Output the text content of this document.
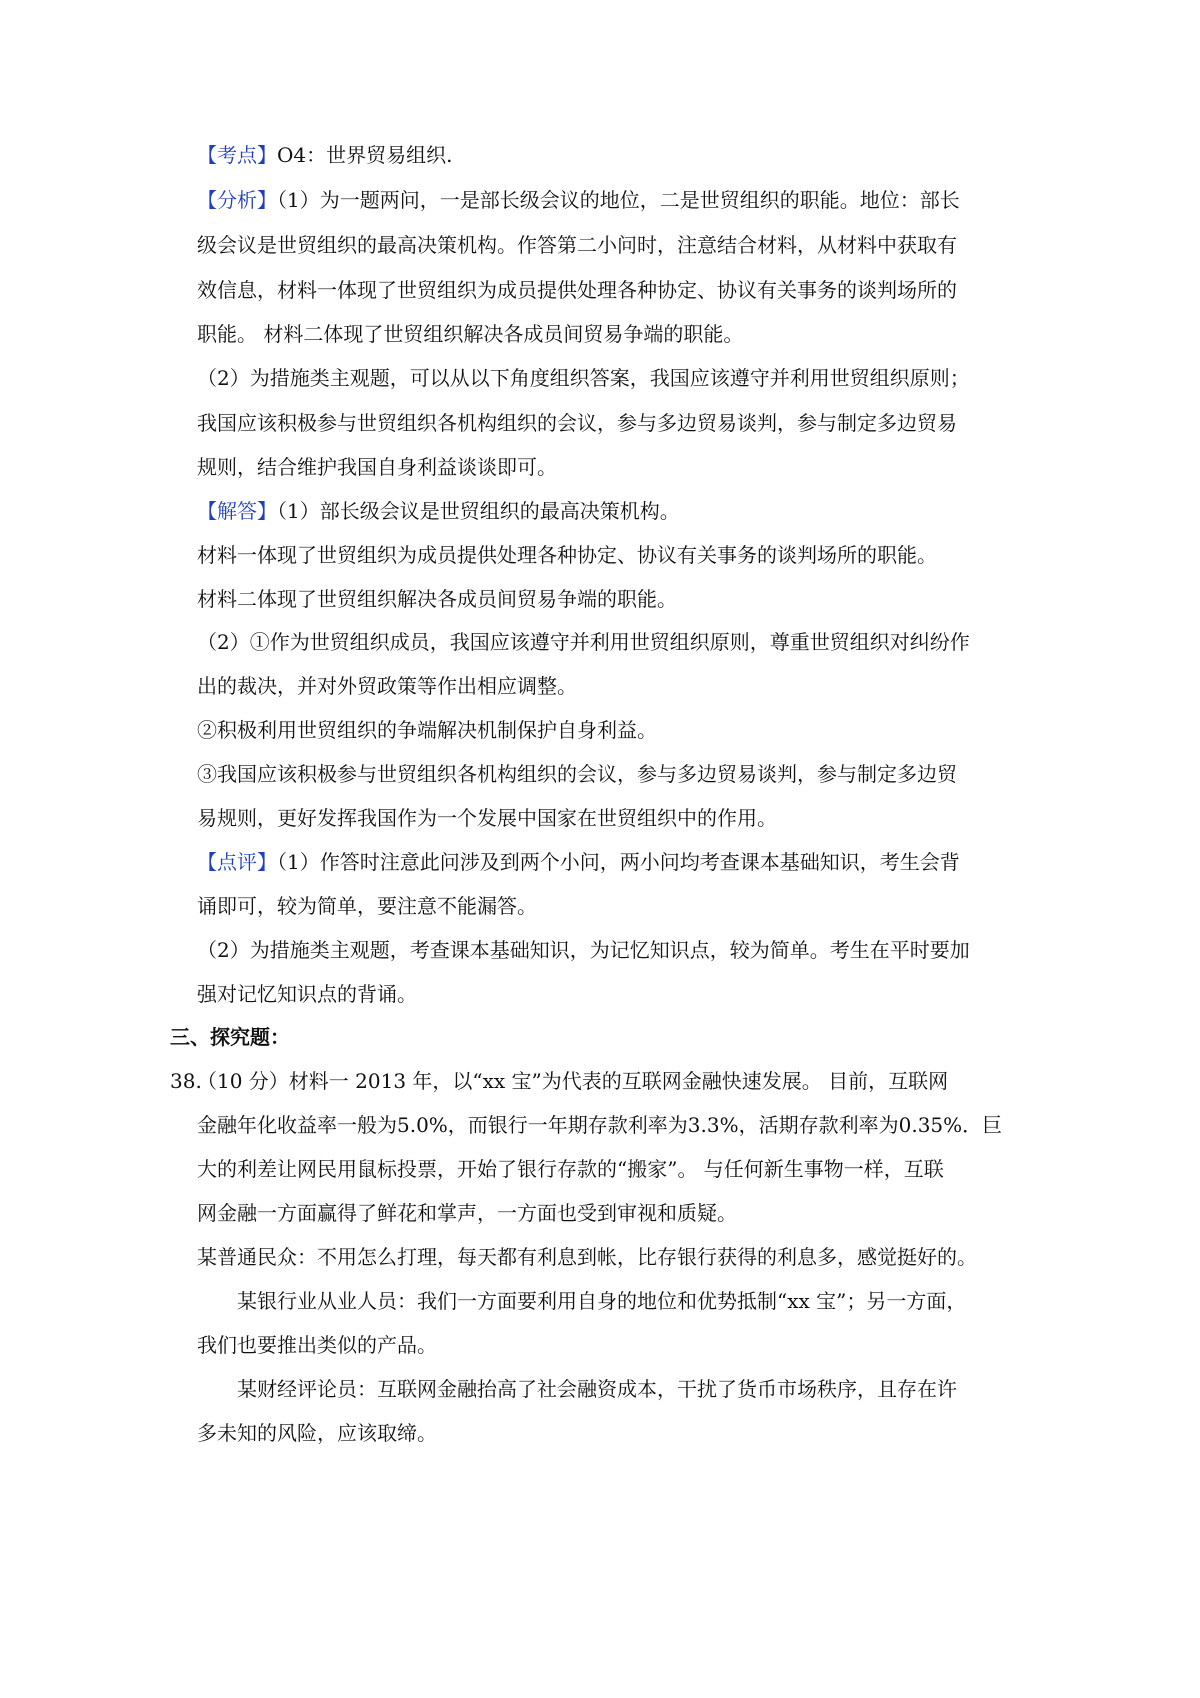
【考点】O4：世界贸易组织.
【分析】（1）为一题两问，一是部长级会议的地位，二是世贸组织的职能。地位：部长
级会议是世贸组织的最高决策机构。作答第二小问时，注意结合材料，从材料中获取有
效信息，材料一体现了世贸组织为成员提供处理各种协定、协议有关事务的谈判场所的
职能。 材料二体现了世贸组织解决各成员间贸易争端的职能。
（2）为措施类主观题，可以从以下角度组织答案，我国应该遵守并利用世贸组织原则；
我国应该积极参与世贸组织各机构组织的会议，参与多边贸易谈判，参与制定多边贸易
规则，结合维护我国自身利益谈谈即可。
【解答】（1）部长级会议是世贸组织的最高决策机构。
材料一体现了世贸组织为成员提供处理各种协定、协议有关事务的谈判场所的职能。
材料二体现了世贸组织解决各成员间贸易争端的职能。
（2）①作为世贸组织成员，我国应该遵守并利用世贸组织原则，尊重世贸组织对纠纷作
出的裁决，并对外贸政策等作出相应调整。
②积极利用世贸组织的争端解决机制保护自身利益。
③我国应该积极参与世贸组织各机构组织的会议，参与多边贸易谈判，参与制定多边贸
易规则，更好发挥我国作为一个发展中国家在世贸组织中的作用。
【点评】（1）作答时注意此问涉及到两个小问，两小问均考查课本基础知识，考生会背
诵即可，较为简单，要注意不能漏答。
（2）为措施类主观题，考查课本基础知识，为记忆知识点，较为简单。考生在平时要加
强对记忆知识点的背诵。
三、探究题：
38.
（10 分）材料一 2013 年，以“xx 宝”为代表的互联网金融快速发展。 目前，互联网
金融年化收益率一般为5.0%，而银行一年期存款利率为3.3%，活期存款利率为0.35%．巨
大的利差让网民用鼠标投票，开始了银行存款的“搬家”。 与任何新生事物一样，互联
网金融一方面赢得了鲜花和掌声，一方面也受到审视和质疑。
某普通民众：不用怎么打理，每天都有利息到帐，比存银行获得的利息多，感觉挺好的。
某银行业从业人员：我们一方面要利用自身的地位和优势抵制“xx 宝”；另一方面，
我们也要推出类似的产品。
某财经评论员：互联网金融抬高了社会融资成本，干扰了货币市场秩序，且存在许
多未知的风险，应该取缔。
